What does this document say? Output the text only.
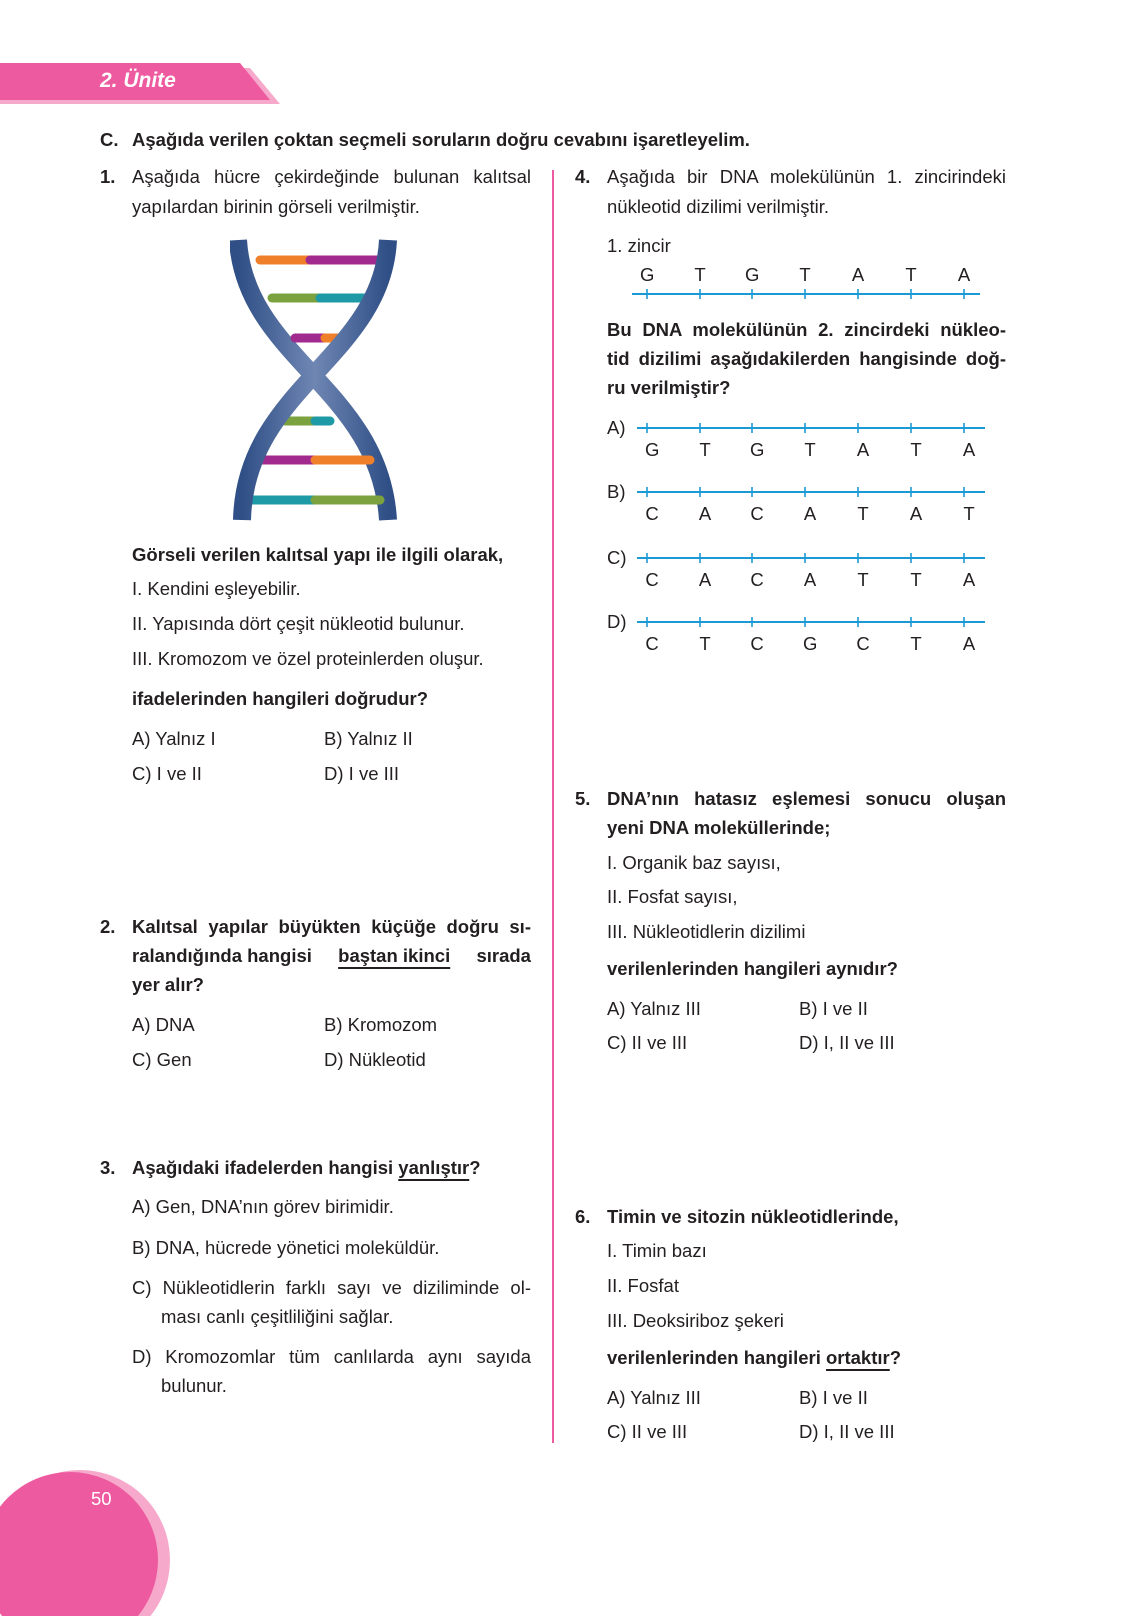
2. Ünite
C. Aşağıda verilen çoktan seçmeli soruların doğru cevabını işaretleyelim.
1. Aşağıda hücre çekirdeğinde bulunan kalıtsal
yapılardan birinin görseli verilmiştir.
Görseli verilen kalıtsal yapı ile ilgili olarak,
I. Kendini eşleyebilir.
II. Yapısında dört çeşit nükleotid bulunur.
III. Kromozom ve özel proteinlerden oluşur.
ifadelerinden hangileri doğrudur?
A) Yalnız I	B) Yalnız II
C) I ve II	D) I ve III
2. Kalıtsal yapılar büyükten küçüğe doğru sı-
ralandığında hangisi baştan ikinci sırada
yer alır?
A) DNA	B) Kromozom
C) Gen	D) Nükleotid
3. Aşağıdaki ifadelerden hangisi yanlıştır?
A) Gen, DNA’nın görev birimidir.
B) DNA, hücrede yönetici moleküldür.
C) Nükleotidlerin farklı sayı ve diziliminde ol-
ması canlı çeşitliliğini sağlar.
D) Kromozomlar tüm canlılarda aynı sayıda
bulunur.
4. Aşağıda bir DNA molekülünün 1. zincirindeki
nükleotid dizilimi verilmiştir.
1. zincir
G T G T A T A
A)
G T G T A T A
B)
C A C A T A T
C)
C A C A T T A
D)
C T C G C T A
Bu DNA molekülünün 2. zincirdeki nükleo-
tid dizilimi aşağıdakilerden hangisinde doğ-
ru verilmiştir?
5. DNA’nın hatasız eşlemesi sonucu oluşan
yeni DNA moleküllerinde;
I. Organik baz sayısı,
II. Fosfat sayısı,
III. Nükleotidlerin dizilimi
verilenlerinden hangileri aynıdır?
A) Yalnız III	B) I ve II
C) II ve III	D) I, II ve III
6. Timin ve sitozin nükleotidlerinde,
I. Timin bazı
II. Fosfat
III. Deoksiriboz şekeri
verilenlerinden hangileri ortaktır?
A) Yalnız III	B) I ve II
C) II ve III	D) I, II ve III
50
